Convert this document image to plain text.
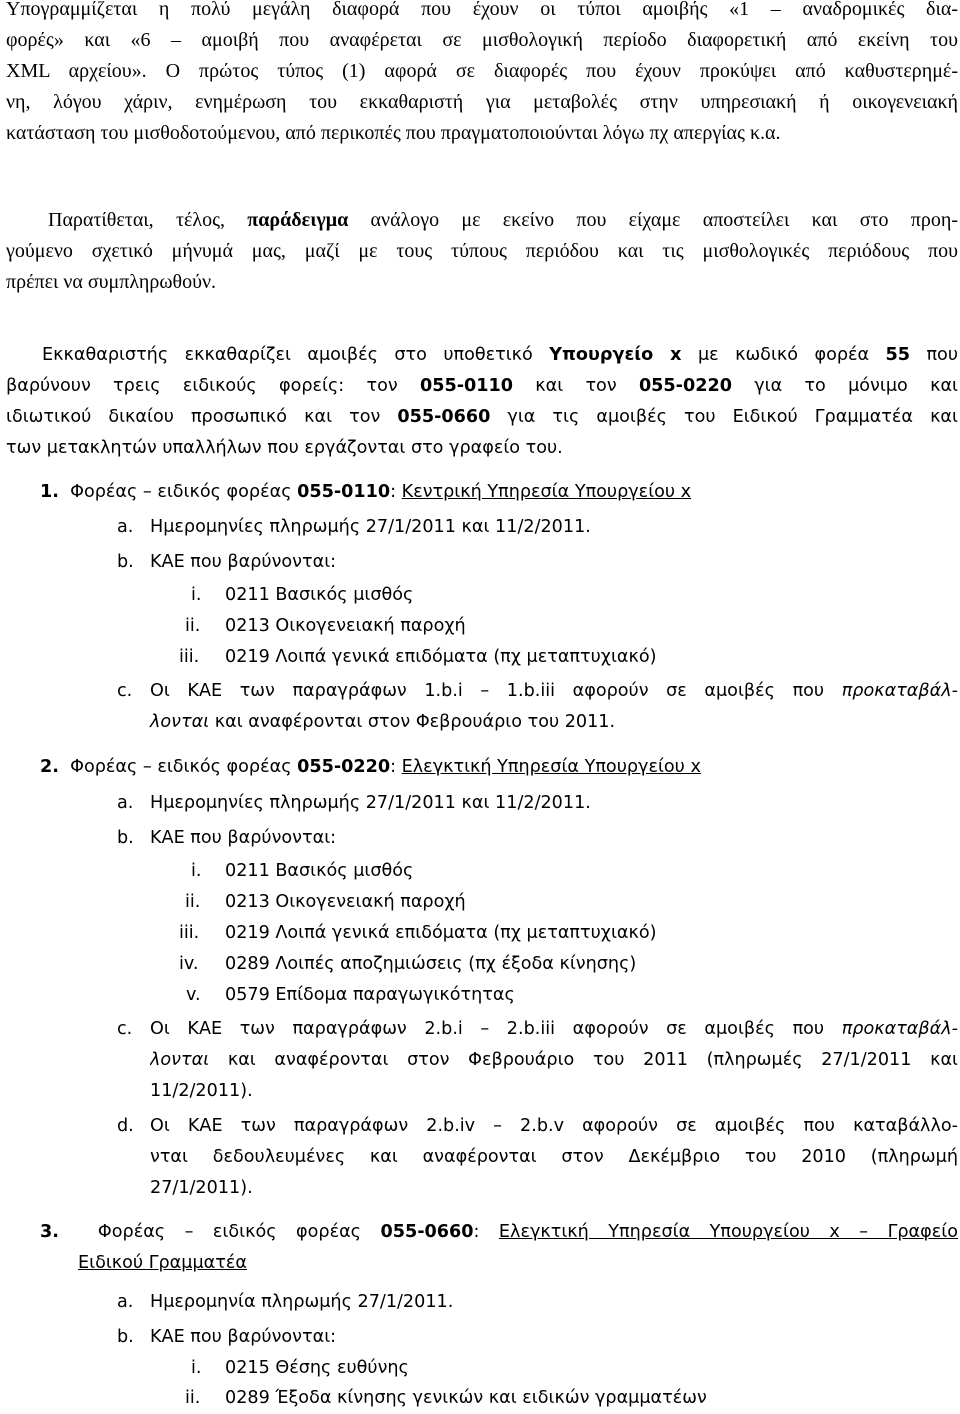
Υπογραμμίζεται η πολύ μεγάλη διαφορά που έχουν οι τύποι αμοιβής «1 – αναδρομικές δια-
φορές» και «6 – αμοιβή που αναφέρεται σε μισθολογική περίοδο διαφορετική από εκείνη του
XML αρχείου». Ο πρώτος τύπος (1) αφορά σε διαφορές που έχουν προκύψει από καθυστερημέ-
νη, λόγου χάριν, ενημέρωση του εκκαθαριστή για μεταβολές στην υπηρεσιακή ή οικογενειακή
κατάσταση του μισθοδοτούμενου, από περικοπές που πραγματοποιούνται λόγω πχ απεργίας κ.α.
Παρατίθεται, τέλος, παράδειγμα ανάλογο με εκείνο που είχαμε αποστείλει και στο προη-
γούμενο σχετικό μήνυμά μας, μαζί με τους τύπους περιόδου και τις μισθολογικές περιόδους που
πρέπει να συμπληρωθούν.
Εκκαθαριστής εκκαθαρίζει αμοιβές στο υποθετικό Υπουργείο x με κωδικό φορέα 55 που
βαρύνουν τρεις ειδικούς φορείς: τον 055-0110 και τον 055-0220 για το μόνιμο και
ιδιωτικού δικαίου προσωπικό και τον 055-0660 για τις αμοιβές του Ειδικού Γραμματέα και
των μετακλητών υπαλλήλων που εργάζονται στο γραφείο του.
1. Φορέας – ειδικός φορέας 055-0110: Κεντρική Υπηρεσία Υπουργείου x
a. Ημερομηνίες πληρωμής 27/1/2011 και 11/2/2011.
b. ΚΑΕ που βαρύνονται:
i. 0211 Βασικός μισθός
ii. 0213 Οικογενειακή παροχή
iii. 0219 Λοιπά γενικά επιδόματα (πχ μεταπτυχιακό)
c. Οι ΚΑΕ των παραγράφων 1.b.i – 1.b.iii αφορούν σε αμοιβές που προκαταβάλ-
λονται και αναφέρονται στον Φεβρουάριο του 2011.
2. Φορέας – ειδικός φορέας 055-0220: Ελεγκτική Υπηρεσία Υπουργείου x
a. Ημερομηνίες πληρωμής 27/1/2011 και 11/2/2011.
b. ΚΑΕ που βαρύνονται:
i. 0211 Βασικός μισθός
ii. 0213 Οικογενειακή παροχή
iii. 0219 Λοιπά γενικά επιδόματα (πχ μεταπτυχιακό)
iv. 0289 Λοιπές αποζημιώσεις (πχ έξοδα κίνησης)
v. 0579 Επίδομα παραγωγικότητας
c. Οι ΚΑΕ των παραγράφων 2.b.i – 2.b.iii αφορούν σε αμοιβές που προκαταβάλ-
λονται και αναφέρονται στον Φεβρουάριο του 2011 (πληρωμές 27/1/2011 και
11/2/2011).
d. Οι ΚΑΕ των παραγράφων 2.b.iv – 2.b.v αφορούν σε αμοιβές που καταβάλλο-
νται δεδουλευμένες και αναφέρονται στον Δεκέμβριο του 2010 (πληρωμή
27/1/2011).
3. Φορέας – ειδικός φορέας 055-0660: Ελεγκτική Υπηρεσία Υπουργείου x – Γραφείο
Ειδικού Γραμματέα
a. Ημερομηνία πληρωμής 27/1/2011.
b. ΚΑΕ που βαρύνονται:
i. 0215 Θέσης ευθύνης
ii. 0289 Έξοδα κίνησης γενικών και ειδικών γραμματέων
